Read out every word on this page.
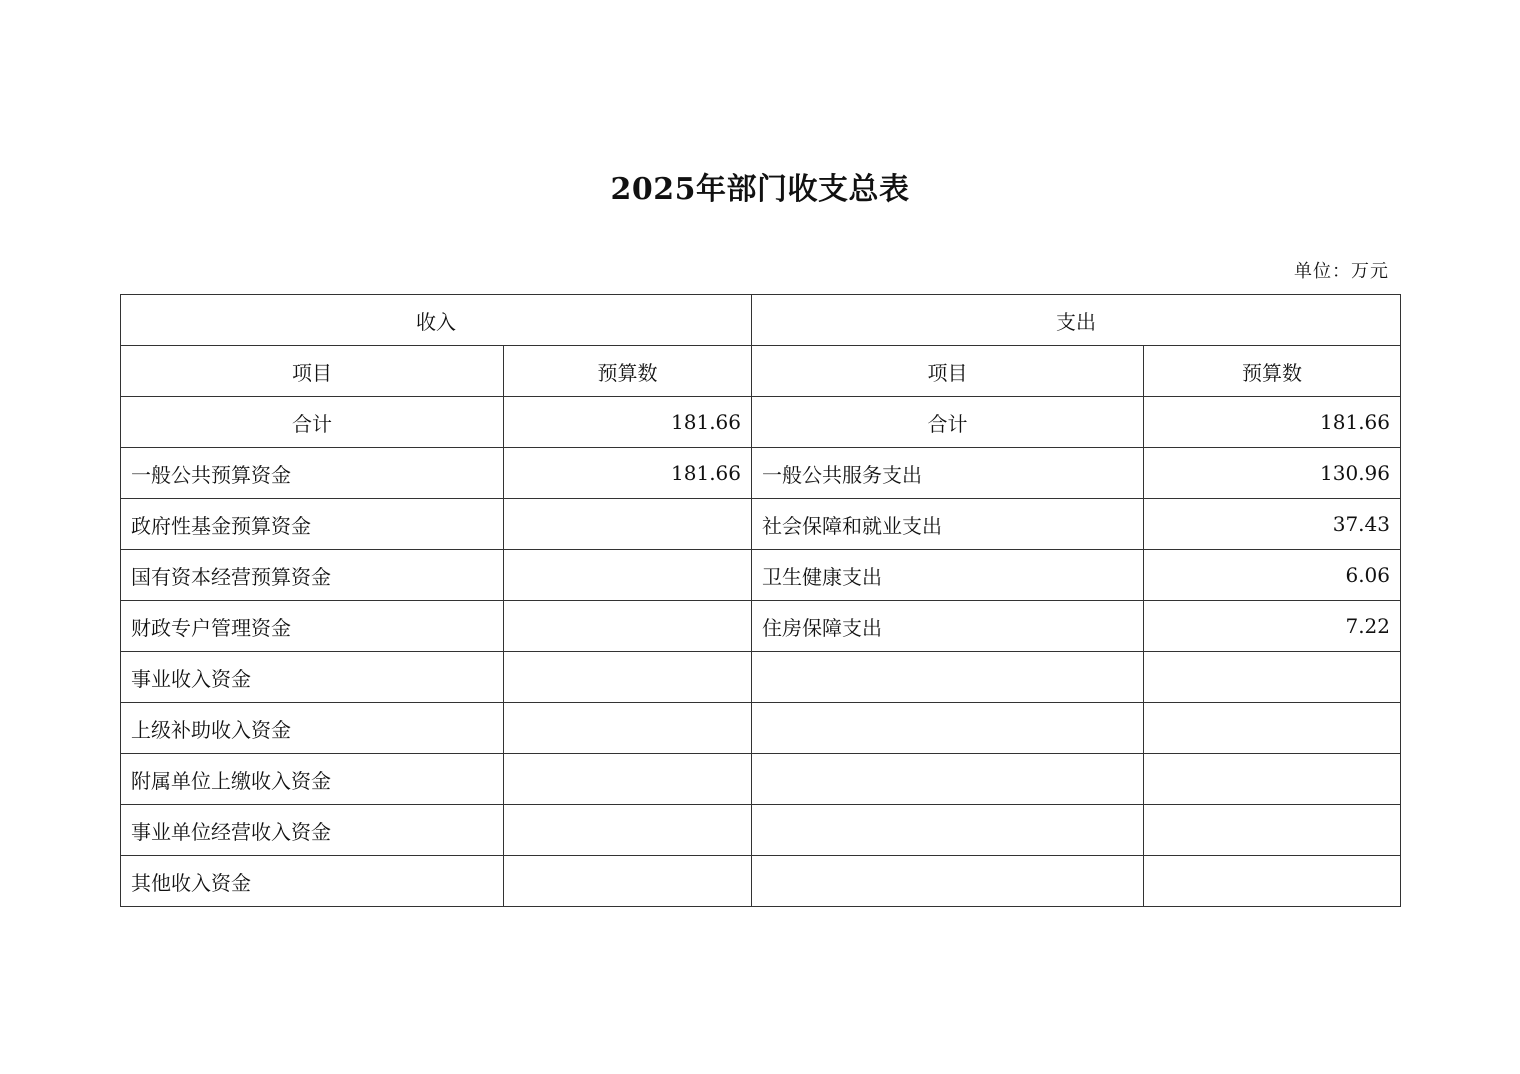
2025年部门收支总表
单位：万元
收入		支出	
项目	预算数	项目	预算数
合计	181.66	合计	181.66
一般公共预算资金	181.66	一般公共服务支出	130.96
政府性基金预算资金		社会保障和就业支出	37.43
国有资本经营预算资金		卫生健康支出	6.06
财政专户管理资金		住房保障支出	7.22
事业收入资金			
上级补助收入资金			
附属单位上缴收入资金			
事业单位经营收入资金			
其他收入资金			
